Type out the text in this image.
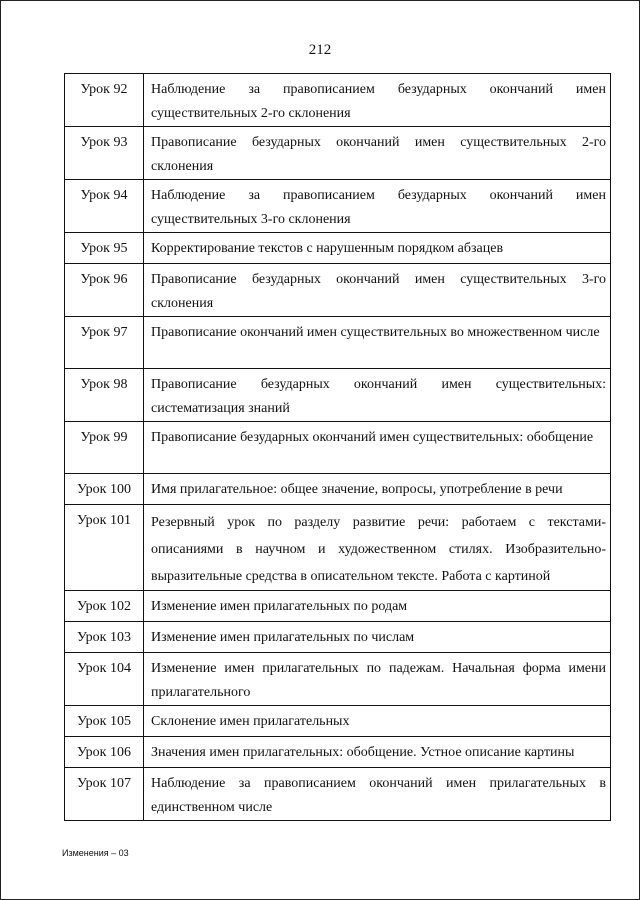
212
Урок 92	Наблюдение за правописанием безударных окончаний имен существительных 2-го склонения
Урок 93	Правописание безударных окончаний имен существительных 2-го склонения
Урок 94	Наблюдение за правописанием безударных окончаний имен существительных 3-го склонения
Урок 95	Корректирование текстов с нарушенным порядком абзацев
Урок 96	Правописание безударных окончаний имен существительных 3-го склонения
Урок 97	Правописание окончаний имен существительных во множественном числе
Урок 98	Правописание безударных окончаний имен существительных: систематизация знаний
Урок 99	Правописание безударных окончаний имен существительных: обобщение
Урок 100	Имя прилагательное: общее значение, вопросы, употребление в речи
Урок 101	Резервный урок по разделу развитие речи: работаем с текстами-описаниями в научном и художественном стилях. Изобразительно-выразительные средства в описательном тексте. Работа с картиной
Урок 102	Изменение имен прилагательных по родам
Урок 103	Изменение имен прилагательных по числам
Урок 104	Изменение имен прилагательных по падежам. Начальная форма имени прилагательного
Урок 105	Склонение имен прилагательных
Урок 106	Значения имен прилагательных: обобщение. Устное описание картины
Урок 107	Наблюдение за правописанием окончаний имен прилагательных в единственном числе
Изменения – 03
